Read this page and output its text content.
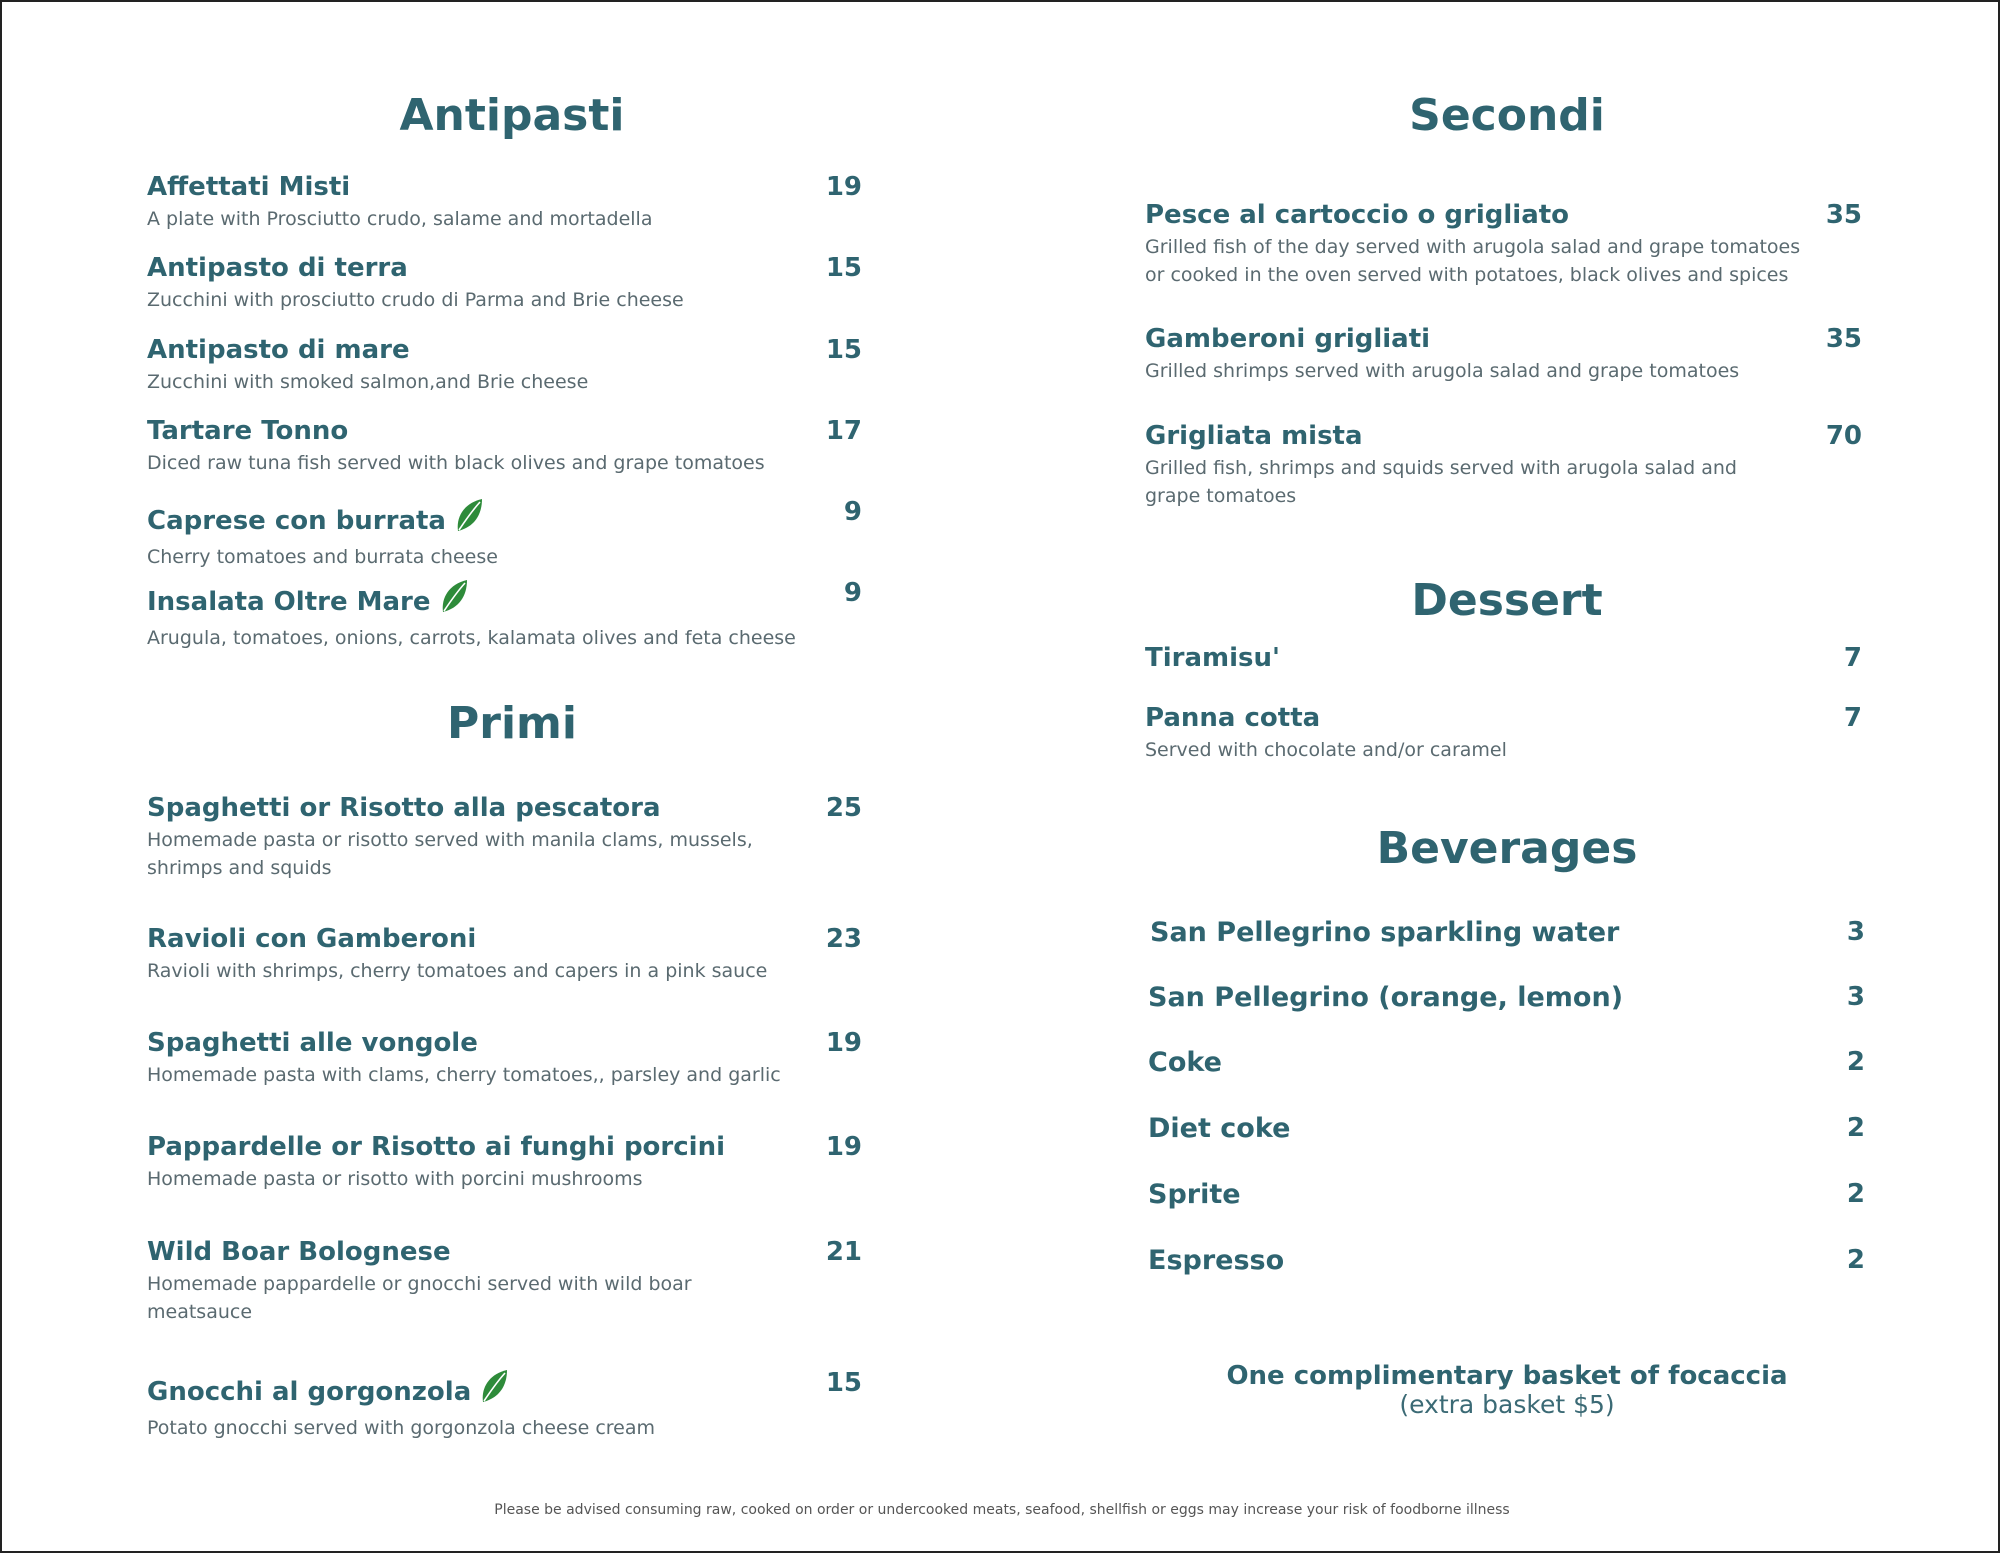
Antipasti
Affettati Misti
A plate with Prosciutto crudo, salame and mortadella
19
Antipasto di terra
Zucchini with prosciutto crudo di Parma and Brie cheese
15
Antipasto di mare
Zucchini with smoked salmon,and Brie cheese
15
Tartare Tonno
Diced raw tuna fish served with black olives and grape tomatoes
17
Caprese con burrata
Cherry tomatoes and burrata cheese
9
Insalata Oltre Mare
Arugula, tomatoes, onions, carrots, kalamata olives and feta cheese
9
Primi
Spaghetti or Risotto alla pescatora
Homemade pasta or risotto served with manila clams, mussels, shrimps and squids
25
Ravioli con Gamberoni
Ravioli with shrimps, cherry tomatoes and capers in a pink sauce
23
Spaghetti alle vongole
Homemade pasta with clams, cherry tomatoes,, parsley and garlic
19
Pappardelle or Risotto ai funghi porcini
Homemade pasta or risotto with porcini mushrooms
19
Wild Boar Bolognese
Homemade pappardelle or gnocchi served with wild boar meatsauce
21
Gnocchi al gorgonzola
Potato gnocchi served with gorgonzola cheese cream
15
Secondi
Pesce al cartoccio o grigliato
Grilled fish of the day served with arugola salad and grape tomatoes or cooked in the oven served with potatoes, black olives and spices
35
Gamberoni grigliati
Grilled shrimps served with arugola salad and grape tomatoes
35
Grigliata mista
Grilled fish, shrimps and squids served with arugola salad and grape tomatoes
70
Dessert
Tiramisu'	7
Panna cotta
Served with chocolate and/or caramel
7
Beverages
San Pellegrino sparkling water	3
San Pellegrino (orange, lemon)	3
Coke	2
Diet coke	2
Sprite	2
Espresso	2
One complimentary basket of focaccia
(extra basket $5)
Please be advised consuming raw, cooked on order or undercooked meats, seafood, shellfish or eggs may increase your risk of foodborne illness
